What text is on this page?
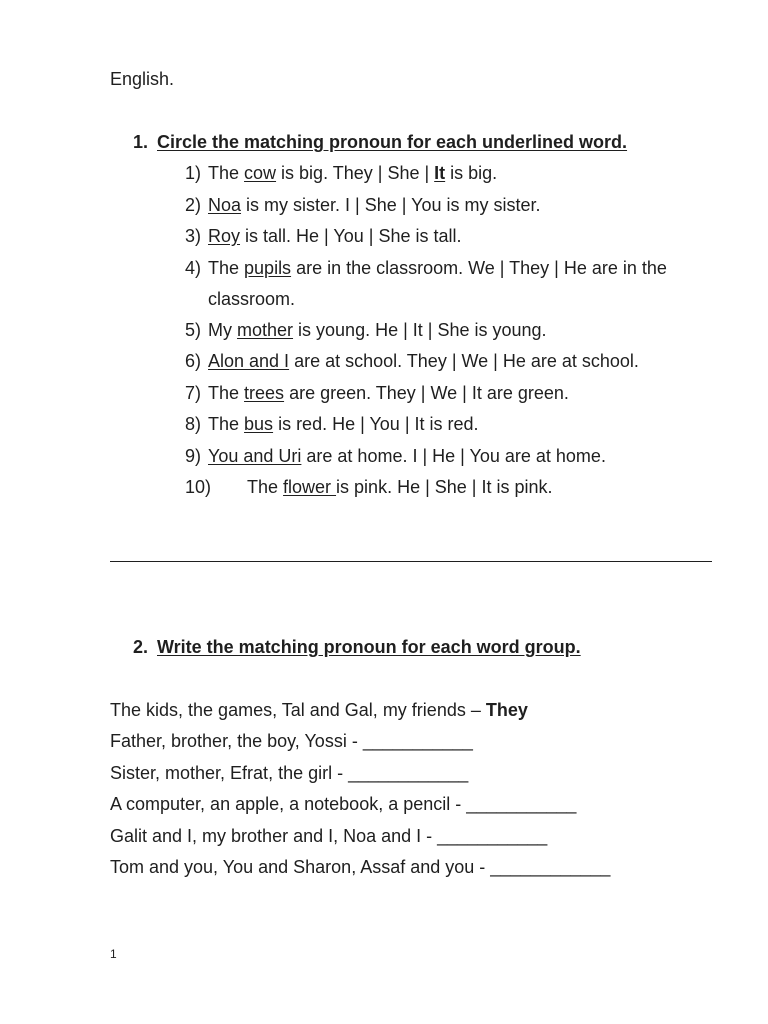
English.
1. Circle the matching pronoun for each underlined word.
1) The cow is big. They | She | It is big.
2) Noa is my sister. I | She | You is my sister.
3) Roy is tall. He | You | She is tall.
4) The pupils are in the classroom. We | They | He are in the
classroom.
5) My mother is young. He | It | She is young.
6) Alon and I are at school. They | We | He are at school.
7) The trees are green. They | We | It are green.
8) The bus is red. He | You | It is red.
9) You and Uri are at home. I | He | You are at home.
10) The flower is pink. He | She | It is pink.
2. Write the matching pronoun for each word group.
The kids, the games, Tal and Gal, my friends – They
Father, brother, the boy, Yossi - ___________
Sister, mother, Efrat, the girl - ____________
A computer, an apple, a notebook, a pencil - ___________
Galit and I, my brother and I, Noa and I - ___________
Tom and you, You and Sharon, Assaf and you - ____________
1
